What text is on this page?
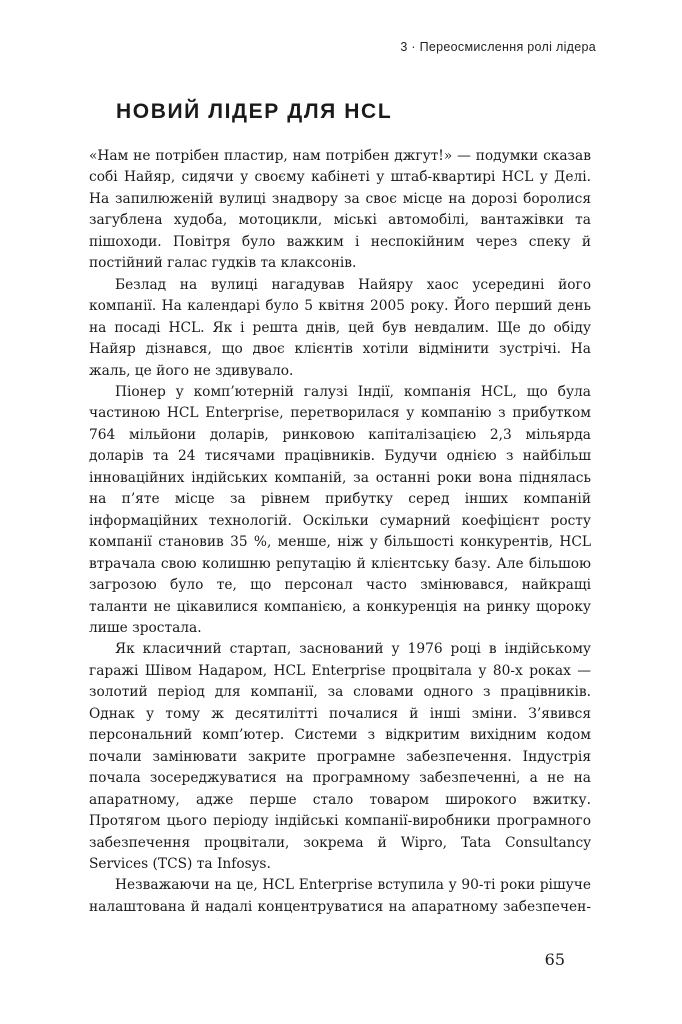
3 · Переосмислення ролі лідера
НОВИЙ ЛІДЕР ДЛЯ HCL

«Нам не потрібен пластир, нам потрібен джгут!» — подумки сказав собі Найяр, сидячи у своєму кабінеті у штаб-квартирі HCL у Делі. На запилюженій вулиці знадвору за своє місце на дорозі боролися загублена худоба, мотоцикли, міські автомобілі, вантажівки та пішоходи. Повітря було важким і неспокійним через спеку й постійний галас гудків та клаксонів.

Безлад на вулиці нагадував Найяру хаос усередині його компанії. На календарі було 5 квітня 2005 року. Його перший день на посаді HCL. Як і решта днів, цей був невдалим. Ще до обіду Найяр дізнався, що двоє клієнтів хотіли відмінити зустрічі. На жаль, це його не здивувало.

Піонер у комп’ютерній галузі Індії, компанія HCL, що була частиною HCL Enterprise, перетворилася у компанію з прибутком 764 мільйони доларів, ринковою капіталізацією 2,3 мільярда доларів та 24 тисячами працівників. Будучи однією з найбільш інноваційних індійських компаній, за останні роки вона піднялась на п’яте місце за рівнем прибутку серед інших компаній інформаційних технологій. Оскільки сумарний коефіцієнт росту компанії становив 35 %, менше, ніж у більшості конкурентів, HCL втрачала свою колишню репутацію й клієнтську базу. Але більшою загрозою було те, що персонал часто змінювався, найкращі таланти не цікавилися компанією, а конкуренція на ринку щороку лише зростала.

Як класичний стартап, заснований у 1976 році в індійському гаражі Шівом Надаром, HCL Enterprise процвітала у 80-х роках — золотий період для компанії, за словами одного з працівників. Однак у тому ж десятилітті почалися й інші зміни. З’явився персональний комп’ютер. Системи з відкритим вихідним кодом почали замінювати закрите програмне забезпечення. Індустрія почала зосереджуватися на програмному забезпеченні, а не на апаратному, адже перше стало товаром широкого вжитку. Протягом цього періоду індійські компанії-виробники програмного забезпечення процвітали, зокрема й Wipro, Tata Consultancy Services (TCS) та Infosys.

Незважаючи на це, HCL Enterprise вступила у 90-ті роки рішуче налаштована й надалі концентруватися на апаратному забезпечен-

65
